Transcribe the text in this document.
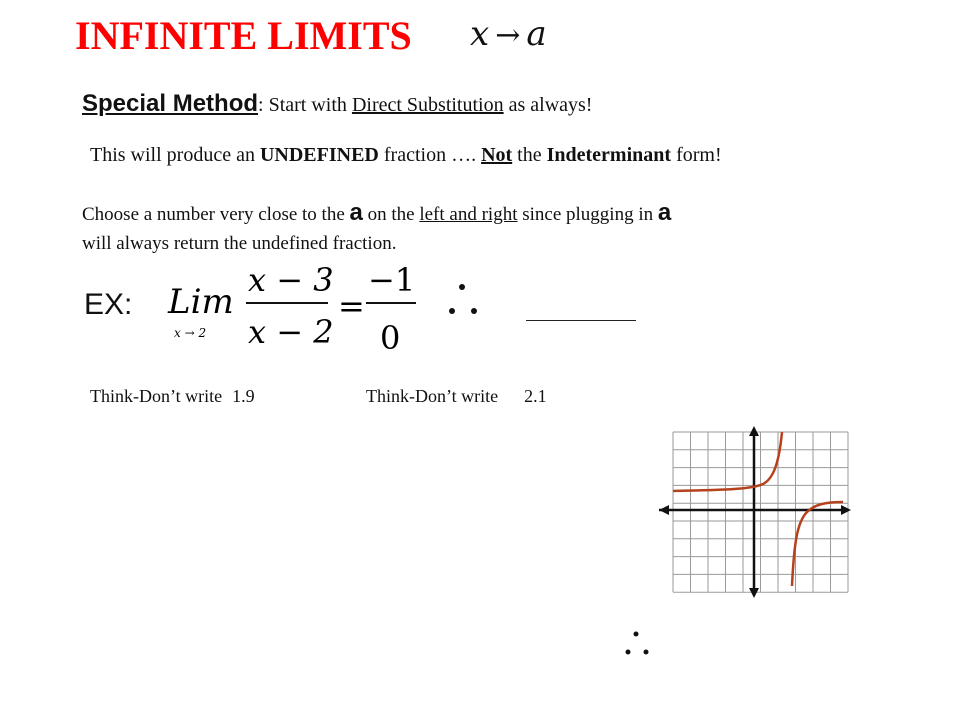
INFINITE LIMITS x → a
Special Method: Start with Direct Substitution as always!
This will produce an UNDEFINED fraction …. Not the Indeterminant form!
Choose a number very close to the a on the left and right since plugging in a
will always return the undefined fraction.
EX: Lim
x → 2
x − 3
x − 2
=
−1
0
Think-Don’t write 1.9	Think-Don’t write 2.1
